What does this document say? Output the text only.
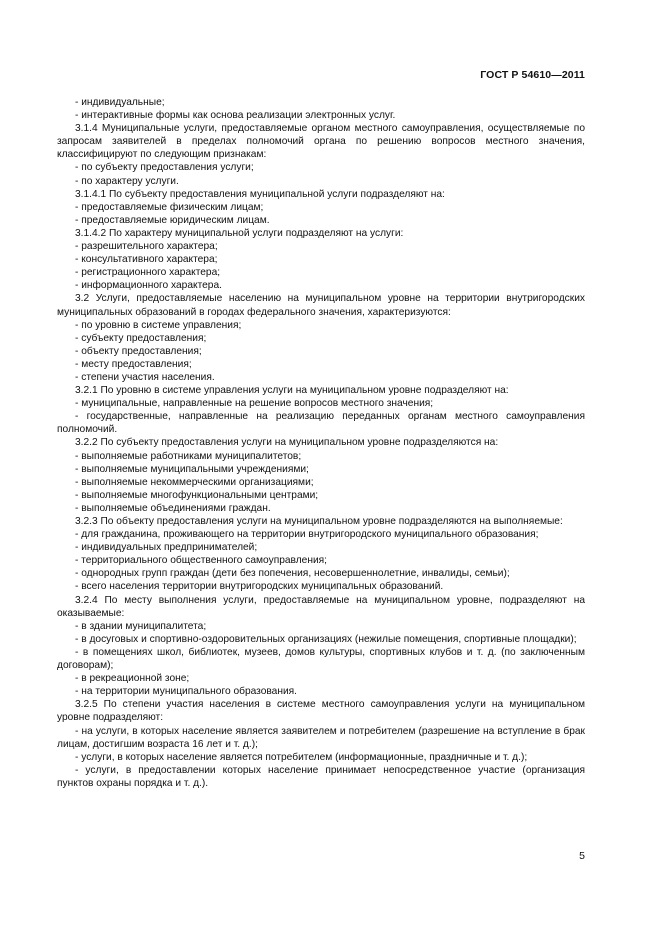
ГОСТ Р 54610—2011

- индивидуальные;

- интерактивные формы как основа реализации электронных услуг.

3.1.4 Муниципальные услуги, предоставляемые органом местного самоуправления, осуществляемые по запросам заявителей в пределах полномочий органа по решению вопросов местного значения, классифицируют по следующим признакам:

- по субъекту предоставления услуги;

- по характеру услуги.

3.1.4.1 По субъекту предоставления муниципальной услуги подразделяют на:

- предоставляемые физическим лицам;

- предоставляемые юридическим лицам.

3.1.4.2 По характеру муниципальной услуги подразделяют на услуги:

- разрешительного характера;

- консультативного характера;

- регистрационного характера;

- информационного характера.

3.2 Услуги, предоставляемые населению на муниципальном уровне на территории внутригородских муниципальных образований в городах федерального значения, характеризуются:

- по уровню в системе управления;

- субъекту предоставления;

- объекту предоставления;

- месту предоставления;

- степени участия населения.

3.2.1 По уровню в системе управления услуги на муниципальном уровне подразделяют на:

- муниципальные, направленные на решение вопросов местного значения;

- государственные, направленные на реализацию переданных органам местного самоуправления полномочий.

3.2.2 По субъекту предоставления услуги на муниципальном уровне подразделяются на:

- выполняемые работниками муниципалитетов;

- выполняемые муниципальными учреждениями;

- выполняемые некоммерческими организациями;

- выполняемые многофункциональными центрами;

- выполняемые объединениями граждан.

3.2.3 По объекту предоставления услуги на муниципальном уровне подразделяются на выполняемые:

- для гражданина, проживающего на территории внутригородского муниципального образования;

- индивидуальных предпринимателей;

- территориального общественного самоуправления;

- однородных групп граждан (дети без попечения, несовершеннолетние, инвалиды, семьи);

- всего населения территории внутригородских муниципальных образований.

3.2.4 По месту выполнения услуги, предоставляемые на муниципальном уровне, подразделяют на оказываемые:

- в здании муниципалитета;

- в досуговых и спортивно-оздоровительных организациях (нежилые помещения, спортивные площадки);

- в помещениях школ, библиотек, музеев, домов культуры, спортивных клубов и т. д. (по заключенным договорам);

- в рекреационной зоне;

- на территории муниципального образования.

3.2.5 По степени участия населения в системе местного самоуправления услуги на муниципальном уровне подразделяют:

- на услуги, в которых население является заявителем и потребителем (разрешение на вступление в брак лицам, достигшим возраста 16 лет и т. д.);

- услуги, в которых население является потребителем (информационные, праздничные и т. д.);

- услуги, в предоставлении которых население принимает непосредственное участие (организация пунктов охраны порядка и т. д.).

5
